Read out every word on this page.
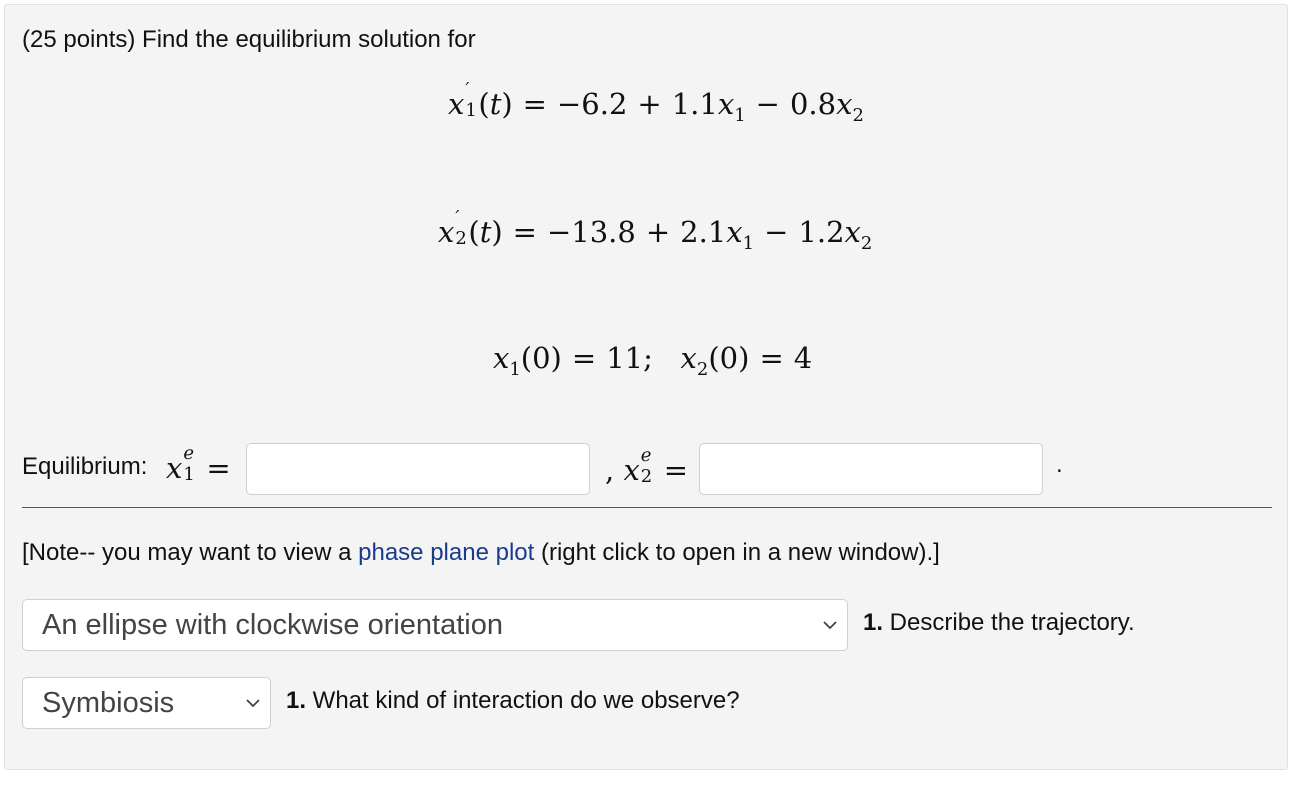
(25 points) Find the equilibrium solution for
x ′
1 $(t) = -6.2 + 1.1x_1 - 0.8x_2$
x ′
2 $(t) = -13.8 + 2.1x_1 - 1.2x_2$
$x_1(0) = 11$;   $x_2(0) = 4$
Equilibrium: x e
1 =	, x e
2 =	.
[Note-- you may want to view a phase plane plot (right click to open in a new window).]
An ellipse with clockwise orientation	1. Describe the trajectory.
Symbiosis	1. What kind of interaction do we observe?
